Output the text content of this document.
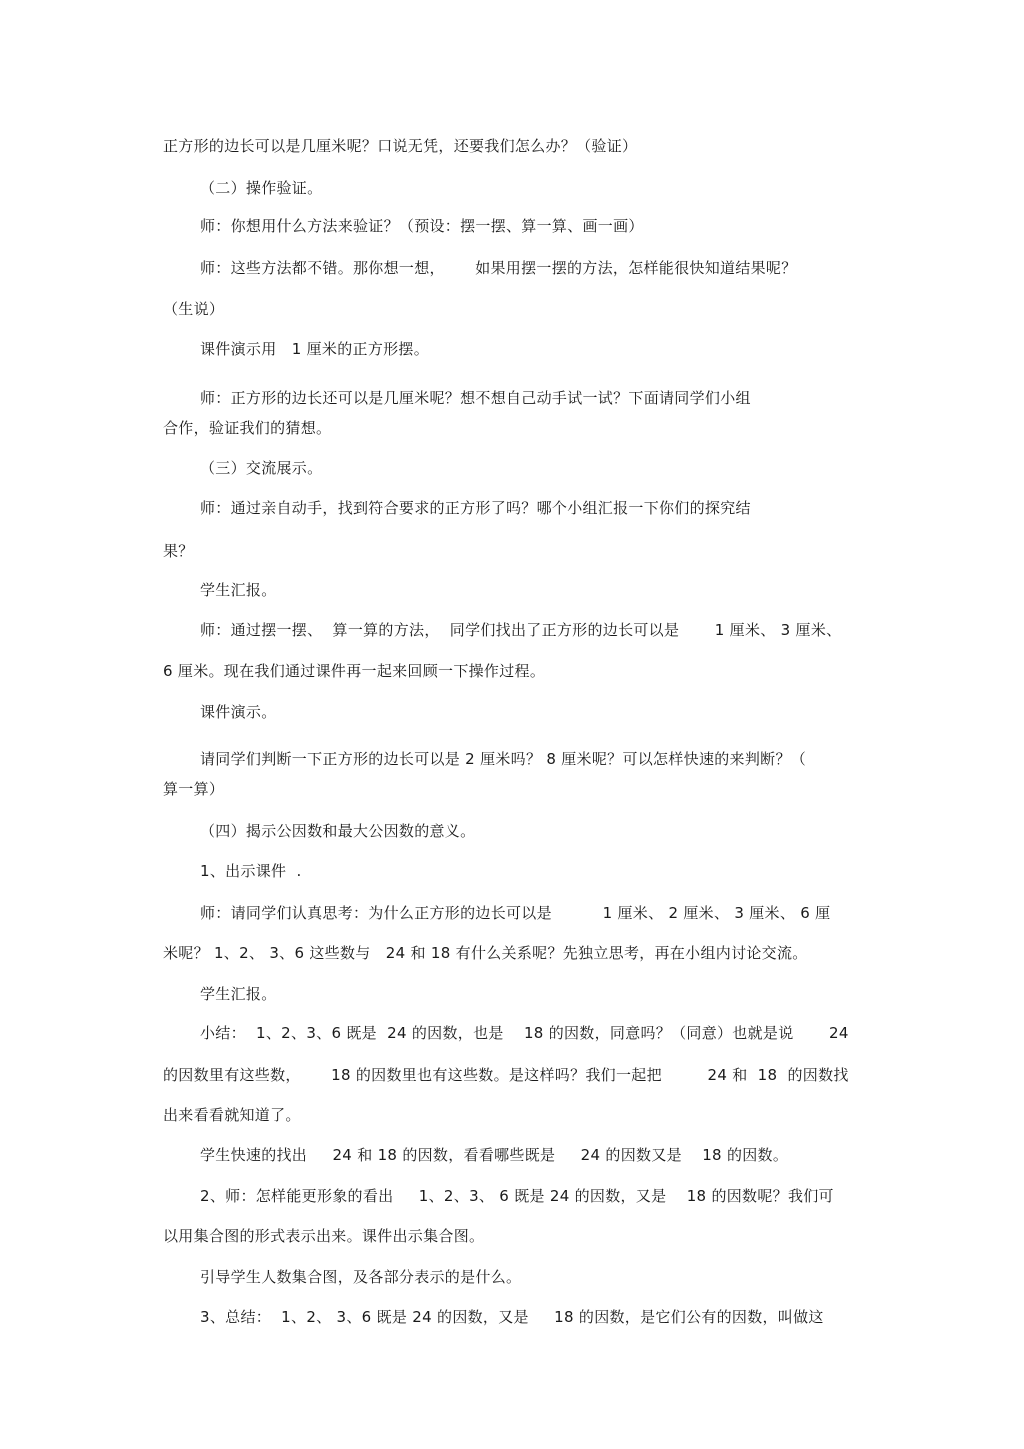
正方形的边长可以是几厘米呢？口说无凭，还要我们怎么办？（验证）
（二）操作验证。
师：你想用什么方法来验证？（预设：摆一摆、算一算、画一画）
师：这些方法都不错。那你想一想，      如果用摆一摆的方法，怎样能很快知道结果呢？
（生说）
课件演示用   1 厘米的正方形摆。
师：正方形的边长还可以是几厘米呢？想不想自己动手试一试？下面请同学们小组
合作，验证我们的猜想。
（三）交流展示。
师：通过亲自动手，找到符合要求的正方形了吗？哪个小组汇报一下你们的探究结
果？
学生汇报。
师：通过摆一摆、  算一算的方法，  同学们找出了正方形的边长可以是       1 厘米、 3 厘米、
6 厘米。现在我们通过课件再一起来回顾一下操作过程。
课件演示。
请同学们判断一下正方形的边长可以是 2 厘米吗？ 8 厘米呢？可以怎样快速的来判断？（
算一算）
（四）揭示公因数和最大公因数的意义。
1、出示课件  .
师：请同学们认真思考：为什么正方形的边长可以是          1 厘米、 2 厘米、 3 厘米、 6 厘
米呢？ 1、2、 3、6 这些数与   24 和 18 有什么关系呢？先独立思考，再在小组内讨论交流。
学生汇报。
小结：  1、2、3、6 既是  24 的因数，也是    18 的因数，同意吗？（同意）也就是说       24
的因数里有这些数，      18 的因数里也有这些数。是这样吗？我们一起把         24 和  18  的因数找
出来看看就知道了。
学生快速的找出     24 和 18 的因数，看看哪些既是     24 的因数又是    18 的因数。
2、师：怎样能更形象的看出     1、2、3、 6 既是 24 的因数，又是    18 的因数呢？我们可
以用集合图的形式表示出来。课件出示集合图。
引导学生人数集合图，及各部分表示的是什么。
3、总结：  1、2、 3、6 既是 24 的因数，又是     18 的因数，是它们公有的因数，叫做这
